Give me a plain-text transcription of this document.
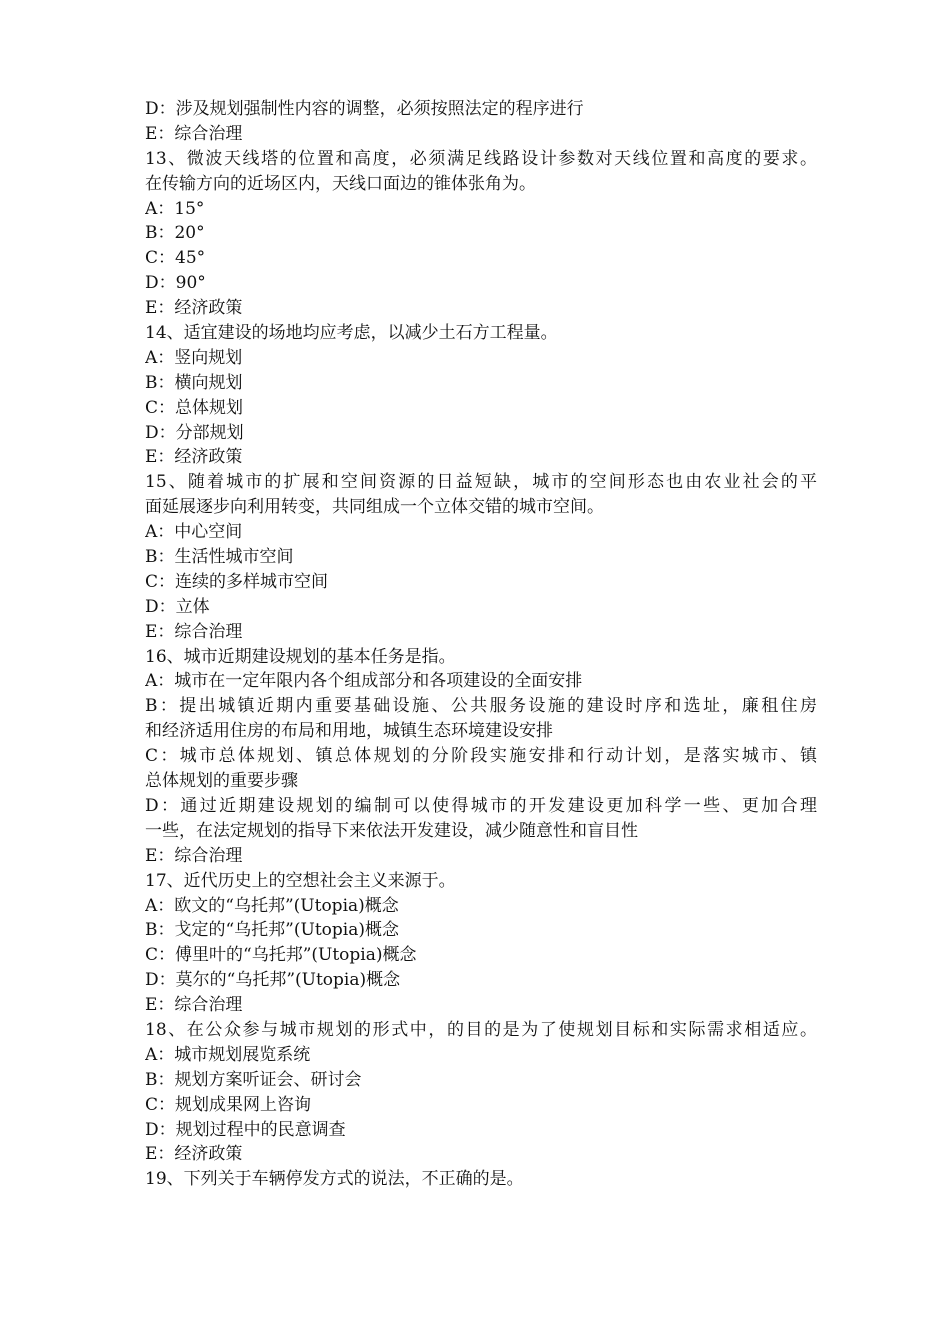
D：涉及规划强制性内容的调整，必须按照法定的程序进行
E：综合治理
13、微波天线塔的位置和高度，必须满足线路设计参数对天线位置和高度的要求。
在传输方向的近场区内，天线口面边的锥体张角为。
A：15°
B：20°
C：45°
D：90°
E：经济政策
14、适宜建设的场地均应考虑，以减少土石方工程量。
A：竖向规划
B：横向规划
C：总体规划
D：分部规划
E：经济政策
15、随着城市的扩展和空间资源的日益短缺，城市的空间形态也由农业社会的平
面延展逐步向利用转变，共同组成一个立体交错的城市空间。
A：中心空间
B：生活性城市空间
C：连续的多样城市空间
D：立体
E：综合治理
16、城市近期建设规划的基本任务是指。
A：城市在一定年限内各个组成部分和各项建设的全面安排
B：提出城镇近期内重要基础设施、公共服务设施的建设时序和选址，廉租住房
和经济适用住房的布局和用地，城镇生态环境建设安排
C：城市总体规划、镇总体规划的分阶段实施安排和行动计划，是落实城市、镇
总体规划的重要步骤
D：通过近期建设规划的编制可以使得城市的开发建设更加科学一些、更加合理
一些，在法定规划的指导下来依法开发建设，减少随意性和盲目性
E：综合治理
17、近代历史上的空想社会主义来源于。
A：欧文的“乌托邦”(Utopia)概念
B：戈定的“乌托邦”(Utopia)概念
C：傅里叶的“乌托邦”(Utopia)概念
D：莫尔的“乌托邦”(Utopia)概念
E：综合治理
18、在公众参与城市规划的形式中，的目的是为了使规划目标和实际需求相适应。
A：城市规划展览系统
B：规划方案听证会、研讨会
C：规划成果网上咨询
D：规划过程中的民意调查
E：经济政策
19、下列关于车辆停发方式的说法，不正确的是。
